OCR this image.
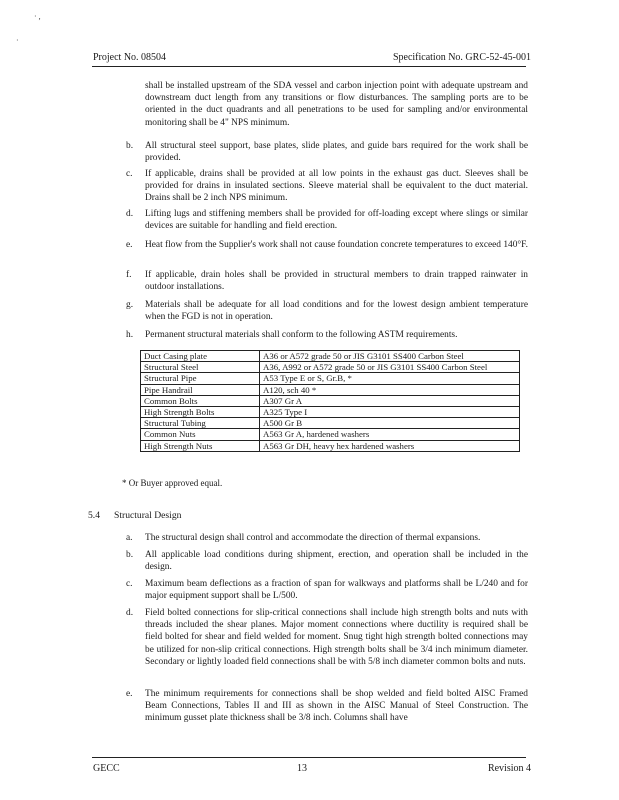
· ,
·
Project No. 08504	Specification No. GRC-52-45-001
shall be installed upstream of the SDA vessel and carbon injection point with adequate upstream and downstream duct length from any transitions or flow disturbances. The sampling ports are to be oriented in the duct quadrants and all penetrations to be used for sampling and/or environmental monitoring shall be 4" NPS minimum.
b.	All structural steel support, base plates, slide plates, and guide bars required for the work shall be provided.
c.	If applicable, drains shall be provided at all low points in the exhaust gas duct. Sleeves shall be provided for drains in insulated sections. Sleeve material shall be equivalent to the duct material. Drains shall be 2 inch NPS minimum.
d.	Lifting lugs and stiffening members shall be provided for off-loading except where slings or similar devices are suitable for handling and field erection.
e.	Heat flow from the Supplier's work shall not cause foundation concrete temperatures to exceed 140°F.
f.	If applicable, drain holes shall be provided in structural members to drain trapped rainwater in outdoor installations.
g.	Materials shall be adequate for all load conditions and for the lowest design ambient temperature when the FGD is not in operation.
h.	Permanent structural materials shall conform to the following ASTM requirements.
Duct Casing plate	A36 or A572 grade 50 or JIS G3101 SS400 Carbon Steel
Structural Steel	A36, A992 or A572 grade 50 or JIS G3101 SS400 Carbon Steel
Structural Pipe	A53 Type E or S, Gr.B, *
Pipe Handrail	A120, sch 40 *
Common Bolts	A307 Gr A
High Strength Bolts	A325 Type I
Structural Tubing	A500 Gr B
Common Nuts	A563 Gr A, hardened washers
High Strength Nuts	A563 Gr DH, heavy hex hardened washers
* Or Buyer approved equal.
5.4 Structural Design
a.	The structural design shall control and accommodate the direction of thermal expansions.
b.	All applicable load conditions during shipment, erection, and operation shall be included in the design.
c.	Maximum beam deflections as a fraction of span for walkways and platforms shall be L/240 and for major equipment support shall be L/500.
d.	Field bolted connections for slip-critical connections shall include high strength bolts and nuts with threads included the shear planes. Major moment connections where ductility is required shall be field bolted for shear and field welded for moment. Snug tight high strength bolted connections may be utilized for non-slip critical connections. High strength bolts shall be 3/4 inch minimum diameter. Secondary or lightly loaded field connections shall be with 5/8 inch diameter common bolts and nuts.
e.	The minimum requirements for connections shall be shop welded and field bolted AISC Framed Beam Connections, Tables II and III as shown in the AISC Manual of Steel Construction. The minimum gusset plate thickness shall be 3/8 inch. Columns shall have
GECC	13	Revision 4
